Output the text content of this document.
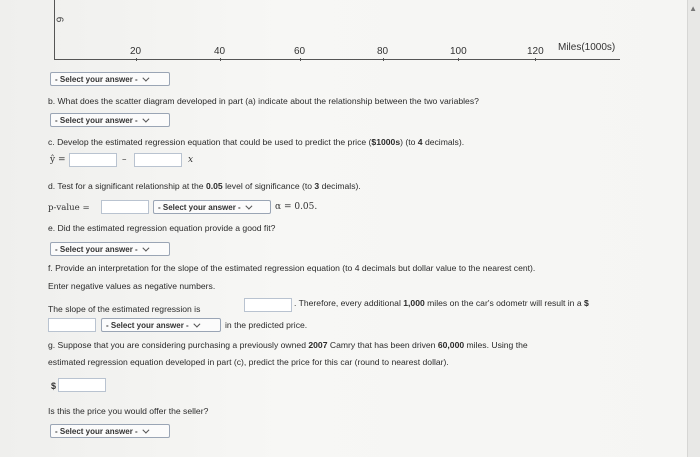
6
20	40	60	80	100	120 Miles(1000s)
- Select your answer -
b. What does the scatter diagram developed in part (a) indicate about the relationship between the two variables?
- Select your answer -
c. Develop the estimated regression equation that could be used to predict the price ($1000s) (to 4 decimals).
ŷ =	–	x
d. Test for a significant relationship at the 0.05 level of significance (to 3 decimals).
p-value =	- Select your answer -	α = 0.05.
e. Did the estimated regression equation provide a good fit?
- Select your answer -
f. Provide an interpretation for the slope of the estimated regression equation (to 4 decimals but dollar value to the nearest cent).
Enter negative values as negative numbers.
The slope of the estimated regression is
. Therefore, every additional 1,000 miles on the car's odometr will result in a $
- Select your answer -	in the predicted price.
g. Suppose that you are considering purchasing a previously owned 2007 Camry that has been driven 60,000 miles. Using the
estimated regression equation developed in part (c), predict the price for this car (round to nearest dollar).
$
Is this the price you would offer the seller?
- Select your answer -
▲
